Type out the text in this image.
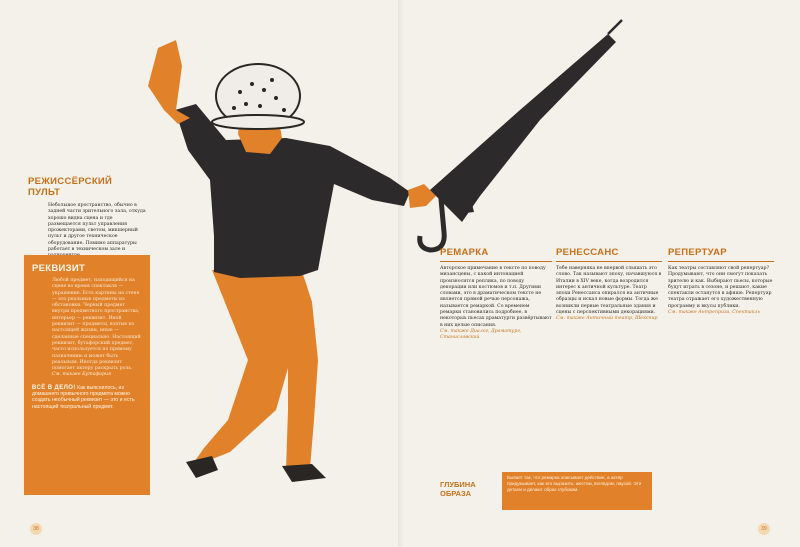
РЕЖИССЁРСКИЙ ПУЛЬТ
Небольшое пространство, обычно в задней части зрительного зала, откуда хорошо видна сцена и где размещается пульт управления прожекторами, светом, микшерный пульт и другое техническое оборудование. Помимо аппаратуры работает в техническом зале и
РЕКВИЗИТ
Любой предмет, находящийся на сцене во время спектакля — украшение. Есть картины на стене — это реальные предметы из обстановки. Черный предмет внутри предметного пространства, интерьер — реквизит. Иной реквизит — предметы, взятые из настоящей жизни, иные — сделанные специально. Настоящий реквизит, бутафорский предмет, часто используется по прямому назначению и может быть реальным. Иногда реквизит помогает актеру раскрыть роль.
См. также Бутафория
ВСЁ В ДЕЛО! Как выяснилось, из домашнего привычного предмета можно создать необычный реквизит — это и есть настоящий театральный предмет.
РЕМАРКА
Авторское примечание в тексте по поводу мизансцены, с какой интонацией произносится реплика, по поводу декорации или костюмов и т.п. Другими словами, это в драматическом тексте не является прямой речью персонажа, называется ремаркой. Со временем ремарки становились подробнее, в некоторых пьесах драматурги развёртывают в них целые описания.
См. также Диалог, Драматург, Станиславский
РЕНЕССАНС
Тебе наверняка не впервой слышать это слово. Так называют эпоху, начавшуюся в Италии в XIV веке, когда возродился интерес к античной культуре. Театр эпохи Ренессанса опирался на античные образцы и искал новые формы. Тогда же возникли первые театральные здания и сцены с перспективными декорациями.
См. также Античный театр, Шекспир
РЕПЕРТУАР
Как театры составляют свой репертуар? Продумывают, что они смогут показать зрителю и как. Выбирают пьесы, которые будут играть в сезоне, и решают, какие спектакли останутся в афише. Репертуар театра отражает его художественную программу и вкусы публики.
См. также Антреприза, Спектакль
ГЛУБИНА ОБРАЗА
Бывает так, что ремарка описывает действие, а актёр придумывает, как его выразить: жестом, взглядом, паузой. Эти детали и делают образ глубоким.
38	39
